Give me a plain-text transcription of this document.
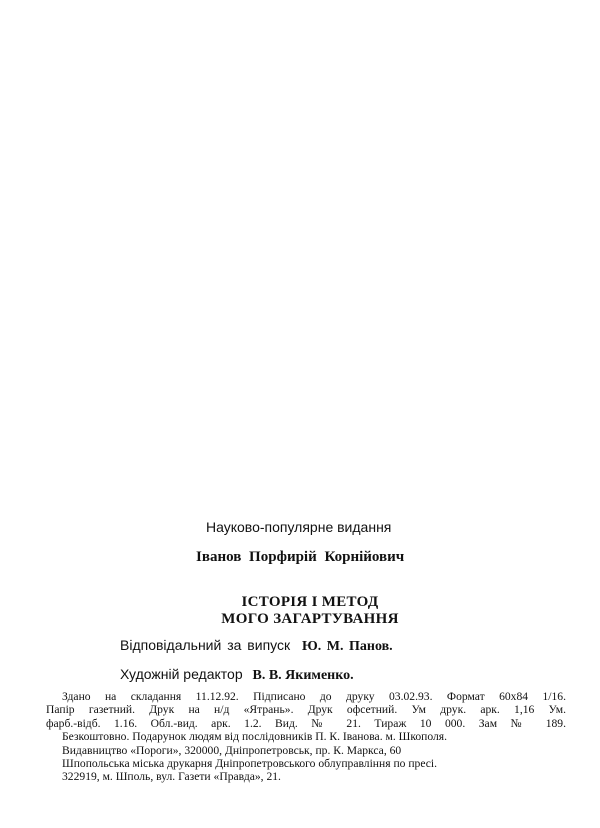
Науково-популярне видання
Іванов Порфирій Корнійович
ІСТОРІЯ І МЕТОД
МОГО ЗАГАРТУВАННЯ
Відповідальний за випуск Ю. М. Панов.
Художній редактор В. В. Якименко.
Здано на складання 11.12.92. Підписано до друку 03.02.93. Формат 60х84 1/16.
Папір газетний. Друк на н/д «Ятрань». Друк офсетний. Ум друк. арк. 1,16 Ум.
фарб.-відб. 1.16. Обл.-вид. арк. 1.2. Вид. № 21. Тираж 10 000. Зам № 189.
Безкоштовно. Подарунок людям від послідовників П. К. Іванова. м. Шкополя.
Видавництво «Пороги», 320000, Дніпропетровськ, пр. К. Маркса, 60
Шпопольська міська друкарня Дніпропетровського облуправління по пресі.
322919, м. Шполь, вул. Газети «Правда», 21.
